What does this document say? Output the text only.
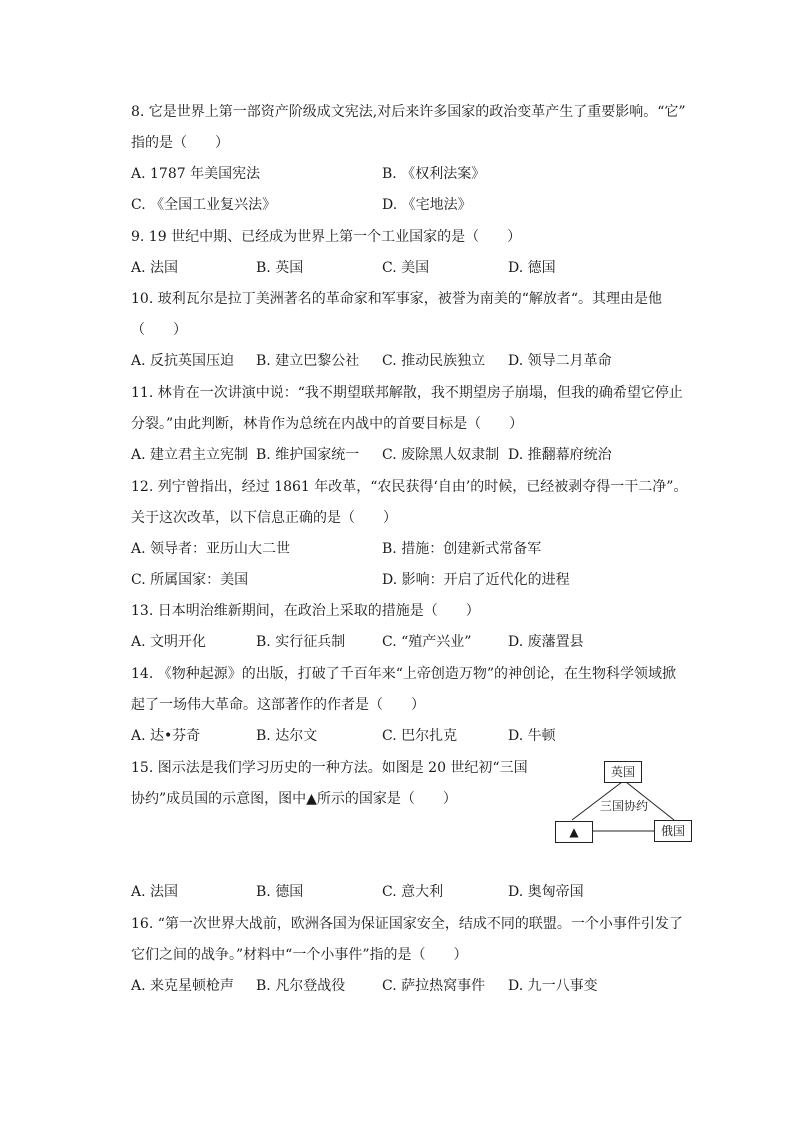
8. 它是世界上第一部资产阶级成文宪法,对后来许多国家的政治变革产生了重要影响。“它”
指的是（　　）
A. 1787 年美国宪法	B. 《权利法案》
C. 《全国工业复兴法》	D. 《宅地法》
9. 19 世纪中期、已经成为世界上第一个工业国家的是（　　）
A. 法国	B. 英国	C. 美国	D. 德国
10. 玻利瓦尔是拉丁美洲著名的革命家和军事家，被誉为南美的“解放者“。其理由是他
（　　）
A. 反抗英国压迫 B. 建立巴黎公社 C. 推动民族独立 D. 领导二月革命
11. 林肯在一次讲演中说：“我不期望联邦解散，我不期望房子崩塌，但我的确希望它停止
分裂。”由此判断，林肯作为总统在内战中的首要目标是（　　）
A. 建立君主立宪制 B. 维护国家统一 C. 废除黑人奴隶制 D. 推翻幕府统治
12. 列宁曾指出，经过 1861 年改革，“农民获得‘自由’的时候，已经被剥夺得一干二净”。
关于这次改革，以下信息正确的是（　　）
A. 领导者：亚历山大二世	B. 措施：创建新式常备军
C. 所属国家：美国	D. 影响：开启了近代化的进程
13. 日本明治维新期间，在政治上采取的措施是（　　）
A. 文明开化	B. 实行征兵制	C. “殖产兴业”	D. 废藩置县
14. 《物种起源》的出版，打破了千百年来“上帝创造万物”的神创论，在生物科学领域掀
起了一场伟大革命。这部著作的作者是（　　）
A. 达•芬奇	B. 达尔文	C. 巴尔扎克	D. 牛顿
15. 图示法是我们学习历史的一种方法。如图是 20 世纪初“三国
协约”成员国的示意图，图中▲所示的国家是（　　）
英国
三国协约
▲	俄国
A. 法国	B. 德国	C. 意大利	D. 奥匈帝国
16. “第一次世界大战前，欧洲各国为保证国家安全，结成不同的联盟。一个小事件引发了
它们之间的战争。”材料中“一个小事件”指的是（　　）
A. 来克星顿枪声 B. 凡尔登战役	C. 萨拉热窝事件 D. 九一八事变
